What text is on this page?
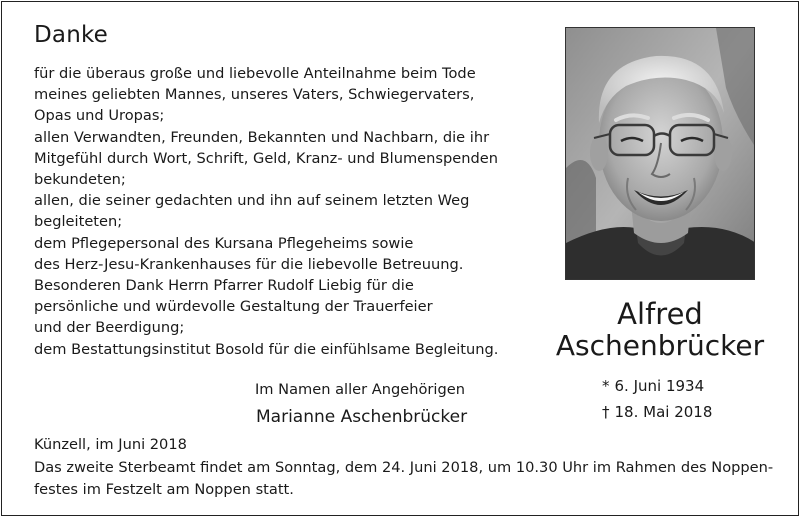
Danke
für die überaus große und liebevolle Anteilnahme beim Tode
meines geliebten Mannes, unseres Vaters, Schwiegervaters,
Opas und Uropas;
allen Verwandten, Freunden, Bekannten und Nachbarn, die ihr
Mitgefühl durch Wort, Schrift, Geld, Kranz- und Blumenspenden
bekundeten;
allen, die seiner gedachten und ihn auf seinem letzten Weg
begleiteten;
dem Pflegepersonal des Kursana Pflegeheims sowie
des Herz-Jesu-Krankenhauses für die liebevolle Betreuung.
Besonderen Dank Herrn Pfarrer Rudolf Liebig für die
persönliche und würdevolle Gestaltung der Trauerfeier
und der Beerdigung;
dem Bestattungsinstitut Bosold für die einfühlsame Begleitung.
Im Namen aller Angehörigen
Marianne Aschenbrücker
Künzell, im Juni 2018
Das zweite Sterbeamt findet am Sonntag, dem 24. Juni 2018, um 10.30 Uhr im Rahmen des Noppen-
festes im Festzelt am Noppen statt.
Alfred
Aschenbrücker
* 6. Juni 1934
† 18. Mai 2018
